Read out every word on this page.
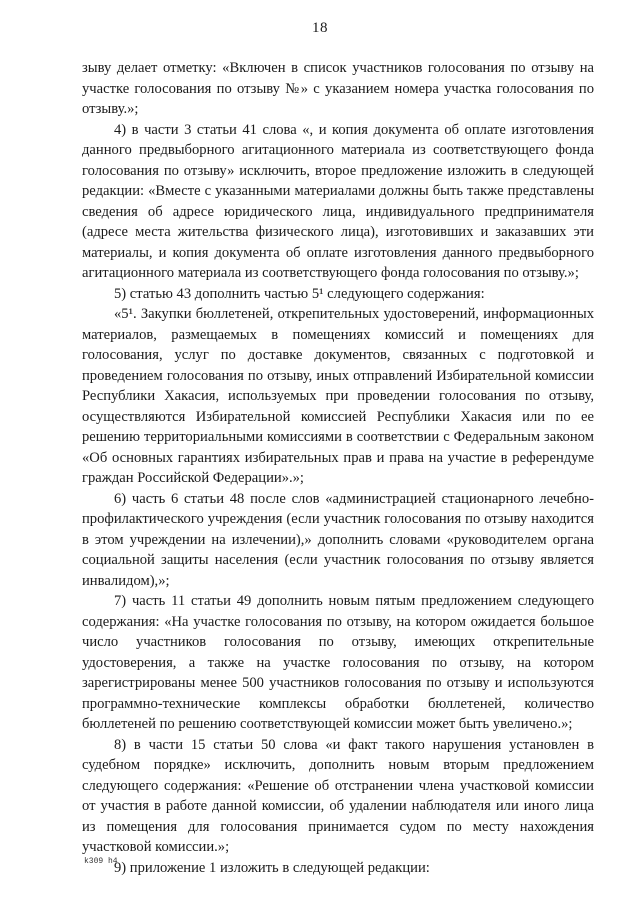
18

зыву делает отметку: «Включен в список участников голосования по отзыву на участке голосования по отзыву №» с указанием номера участка голосования по отзыву.»;

4) в части 3 статьи 41 слова «, и копия документа об оплате изготовления данного предвыборного агитационного материала из соответствующего фонда голосования по отзыву» исключить, второе предложение изложить в следующей редакции: «Вместе с указанными материалами должны быть также представлены сведения об адресе юридического лица, индивидуального предпринимателя (адресе места жительства физического лица), изготовивших и заказавших эти материалы, и копия документа об оплате изготовления данного предвыборного агитационного материала из соответствующего фонда голосования по отзыву.»;

5) статью 43 дополнить частью 5¹ следующего содержания:

«5¹. Закупки бюллетеней, открепительных удостоверений, информационных материалов, размещаемых в помещениях комиссий и помещениях для голосования, услуг по доставке документов, связанных с подготовкой и проведением голосования по отзыву, иных отправлений Избирательной комиссии Республики Хакасия, используемых при проведении голосования по отзыву, осуществляются Избирательной комиссией Республики Хакасия или по ее решению территориальными комиссиями в соответствии с Федеральным законом «Об основных гарантиях избирательных прав и права на участие в референдуме граждан Российской Федерации».»;

6) часть 6 статьи 48 после слов «администрацией стационарного лечебно-профилактического учреждения (если участник голосования по отзыву находится в этом учреждении на излечении),» дополнить словами «руководителем органа социальной защиты населения (если участник голосования по отзыву является инвалидом),»;

7) часть 11 статьи 49 дополнить новым пятым предложением следующего содержания: «На участке голосования по отзыву, на котором ожидается большое число участников голосования по отзыву, имеющих открепительные удостоверения, а также на участке голосования по отзыву, на котором зарегистрированы менее 500 участников голосования по отзыву и используются программно-технические комплексы обработки бюллетеней, количество бюллетеней по решению соответствующей комиссии может быть увеличено.»;

8) в части 15 статьи 50 слова «и факт такого нарушения установлен в судебном порядке» исключить, дополнить новым вторым предложением следующего содержания: «Решение об отстранении члена участковой комиссии от участия в работе данной комиссии, об удалении наблюдателя или иного лица из помещения для голосования принимается судом по месту нахождения участковой комиссии.»;

9) приложение 1 изложить в следующей редакции:

k309 h4
